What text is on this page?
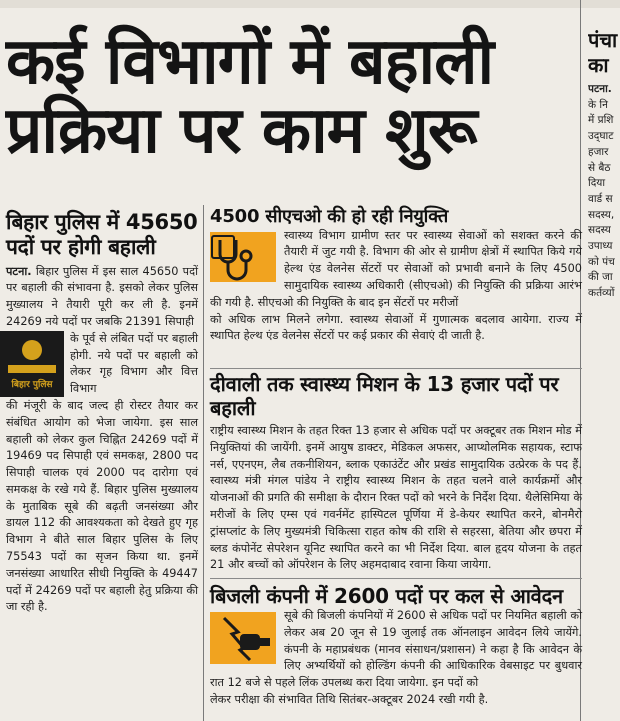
कई विभागों में बहाली
प्रक्रिया पर काम शुरू
बिहार पुलिस में 45650 पदों पर होगी बहाली

पटना. बिहार पुलिस में इस साल 45650 पदों पर बहाली की संभावना है. इसको लेकर पुलिस मुख्यालय ने तैयारी पूरी कर ली है. इनमें 24269 नये पदों पर जबकि 21391 सिपाही

बिहार पुलिस

के पूर्व से लंबित पदों पर बहाली होगी. नये पदों पर बहाली को लेकर गृह विभाग और वित्त विभाग

की मंजूरी के बाद जल्द ही रोस्टर तैयार कर संबंधित आयोग को भेजा जायेगा. इस साल बहाली को लेकर कुल चिह्नित 24269 पदों में 19469 पद सिपाही एवं समकक्ष, 2800 पद सिपाही चालक एवं 2000 पद दारोगा एवं समकक्ष के रखे गये हैं. बिहार पुलिस मुख्यालय के मुताबिक सूबे की बढ़ती जनसंख्या और डायल 112 की आवश्यकता को देखते हुए गृह विभाग ने बीते साल बिहार पुलिस के लिए 75543 पदों का सृजन किया था. इनमें जनसंख्या आधारित सीधी नियुक्ति के 49447 पदों में 24269 पदों पर बहाली हेतु प्रक्रिया की जा रही है.

4500 सीएचओ की हो रही नियुक्ति

स्वास्थ्य विभाग ग्रामीण स्तर पर स्वास्थ्य सेवाओं को सशक्त करने की तैयारी में जुट गयी है. विभाग की ओर से ग्रामीण क्षेत्रों में स्थापित किये गये हेल्थ एंड वेलनेस सेंटरों पर सेवाओं को प्रभावी बनाने के लिए 4500 सामुदायिक स्वास्थ्य अधिकारी (सीएचओ) की नियुक्ति की प्रक्रिया आरंभ की गयी है. सीएचओ की नियुक्ति के बाद इन सेंटरों पर मरीजों

को अधिक लाभ मिलने लगेगा. स्वास्थ्य सेवाओं में गुणात्मक बदलाव आयेगा. राज्य में स्थापित हेल्थ एंड वेलनेस सेंटरों पर कई प्रकार की सेवाएं दी जाती है.

दीवाली तक स्वास्थ्य मिशन के 13 हजार पदों पर बहाली

राष्ट्रीय स्वास्थ्य मिशन के तहत रिक्त 13 हजार से अधिक पदों पर अक्टूबर तक मिशन मोड में नियुक्तियां की जायेंगी. इनमें आयुष डाक्टर, मेडिकल अफसर, आप्थोलमिक सहायक, स्टाफ नर्स, एएनएम, लैब तकनीशियन, ब्लाक एकाउंटेंट और प्रखंड सामुदायिक उत्प्रेरक के पद हैं. स्वास्थ्य मंत्री मंगल पांडेय ने राष्ट्रीय स्वास्थ्य मिशन के तहत चलने वाले कार्यक्रमों और योजनाओं की प्रगति की समीक्षा के दौरान रिक्त पदों को भरने के निर्देश दिया. थैलेसिमिया के मरीजों के लिए एम्स एवं गवर्नमेंट हास्पिटल पूर्णिया में डे-केयर स्थापित करने, बोनमैरो ट्रांसप्लांट के लिए मुख्यमंत्री चिकित्सा राहत कोष की राशि से सहरसा, बेतिया और छपरा में ब्लड कंपोनेंट सेपरेशन यूनिट स्थापित करने का भी निर्देश दिया. बाल हृदय योजना के तहत 21 और बच्चों को ऑपरेशन के लिए अहमदाबाद रवाना किया जायेगा.

बिजली कंपनी में 2600 पदों पर कल से आवेदन

सूबे की बिजली कंपनियों में 2600 से अधिक पदों पर नियमित बहाली को लेकर अब 20 जून से 19 जुलाई तक ऑनलाइन आवेदन लिये जायेंगे. कंपनी के महाप्रबंधक (मानव संसाधन/प्रशासन) ने कहा है कि आवेदन के लिए अभ्यर्थियों को होल्डिंग कंपनी की आधिकारिक वेबसाइट पर बुधवार रात 12 बजे से पहले लिंक उपलब्ध करा दिया जायेगा. इन पदों को

लेकर परीक्षा की संभावित तिथि सितंबर-अक्टूबर 2024 रखी गयी है.

पंचा
का
पटना.
के नि
में प्रशि
उद्‌घाट
हजार
से बैठ
दिया
वार्ड स
सदस्य,
सदस्य
उपाध्य
को पंच
की जा
कर्तव्यों
